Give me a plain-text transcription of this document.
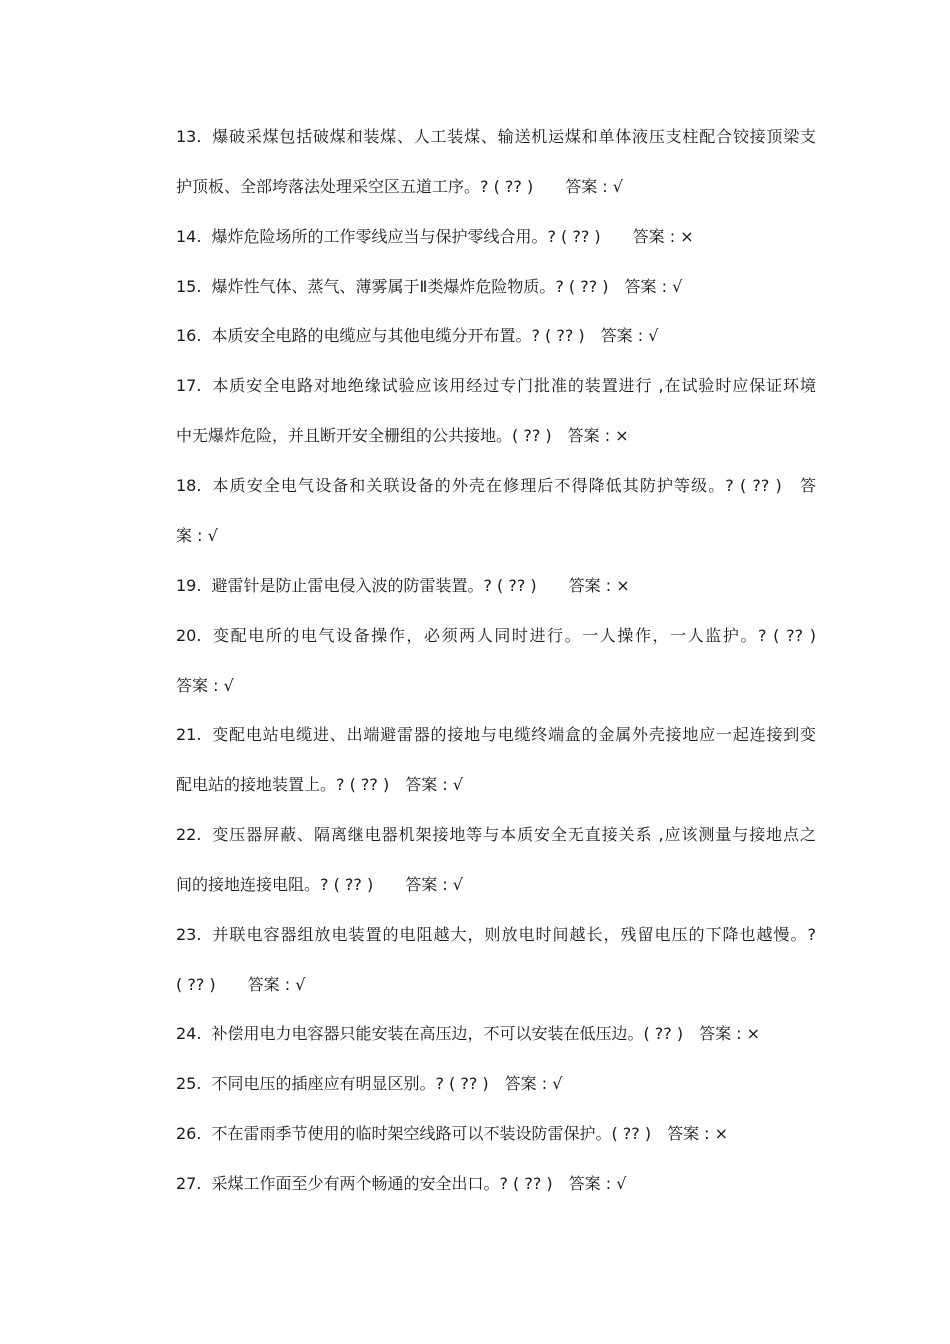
13. 爆破采煤包括破煤和装煤、人工装煤、输送机运煤和单体液压支柱配合铰接顶梁支
护顶板、全部垮落法处理采空区五道工序。? ( ?? )　　答案 : √
14. 爆炸危险场所的工作零线应当与保护零线合用。? ( ?? )　　答案 : ×
15. 爆炸性气体、蒸气、薄雾属于Ⅱ类爆炸危险物质。? ( ?? )　答案 : √
16. 本质安全电路的电缆应与其他电缆分开布置。? ( ?? )　答案 : √
17. 本质安全电路对地绝缘试验应该用经过专门批准的装置进行 ,在试验时应保证环境
中无爆炸危险，并且断开安全栅组的公共接地。( ?? )　答案 : ×
18. 本质安全电气设备和关联设备的外壳在修理后不得降低其防护等级。? ( ?? )　答
案 : √
19. 避雷针是防止雷电侵入波的防雷装置。? ( ?? )　　答案 : ×
20. 变配电所的电气设备操作，必须两人同时进行。一人操作，一人监护。? ( ?? )
答案 : √
21. 变配电站电缆进、出端避雷器的接地与电缆终端盒的金属外壳接地应一起连接到变
配电站的接地装置上。? ( ?? )　答案 : √
22. 变压器屏蔽、隔离继电器机架接地等与本质安全无直接关系 ,应该测量与接地点之
间的接地连接电阻。? ( ?? )　　答案 : √
23. 并联电容器组放电装置的电阻越大，则放电时间越长，残留电压的下降也越慢。?
( ?? )　　答案 : √
24. 补偿用电力电容器只能安装在高压边，不可以安装在低压边。( ?? )　答案 : ×
25. 不同电压的插座应有明显区别。? ( ?? )　答案 : √
26. 不在雷雨季节使用的临时架空线路可以不装设防雷保护。( ?? )　答案 : ×
27. 采煤工作面至少有两个畅通的安全出口。? ( ?? )　答案 : √
